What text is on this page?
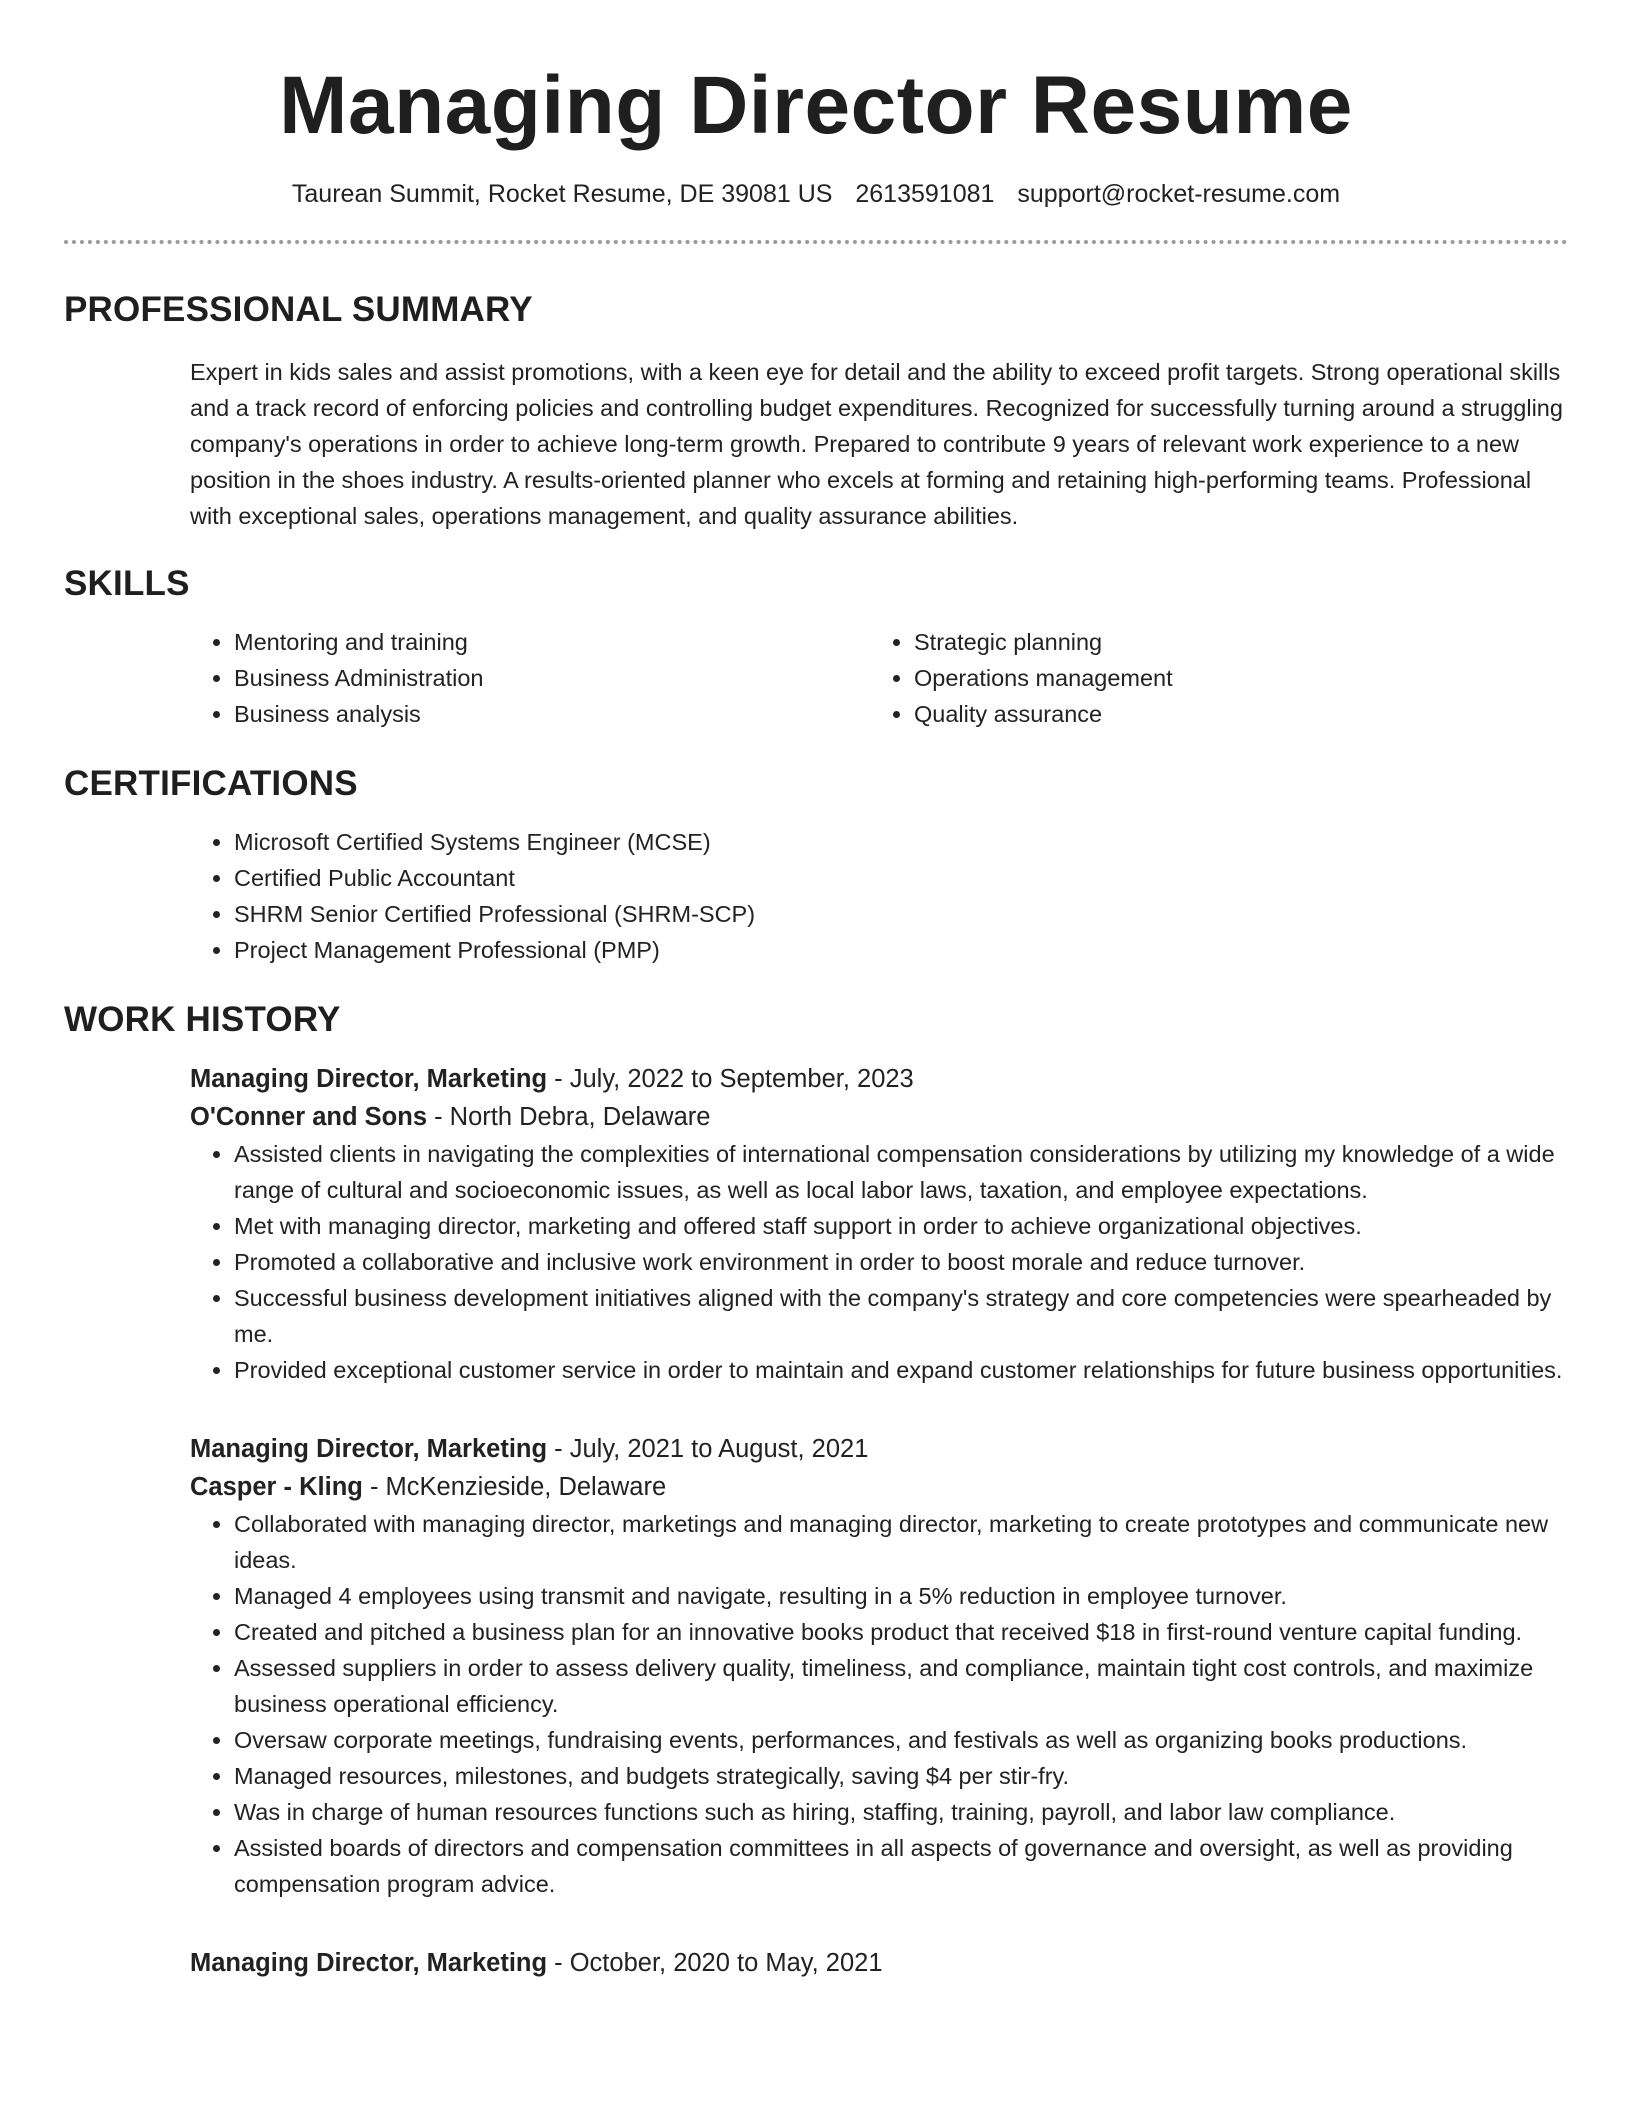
Managing Director Resume
Taurean Summit, Rocket Resume, DE 39081 US 2613591081 support@rocket-resume.com
PROFESSIONAL SUMMARY

Expert in kids sales and assist promotions, with a keen eye for detail and the ability to exceed profit targets. Strong operational skills and a track record of enforcing policies and controlling budget expenditures. Recognized for successfully turning around a struggling company's operations in order to achieve long-term growth. Prepared to contribute 9 years of relevant work experience to a new position in the shoes industry. A results-oriented planner who excels at forming and retaining high-performing teams. Professional with exceptional sales, operations management, and quality assurance abilities.

SKILLS
• Mentoring and training
• Business Administration
• Business analysis
• Strategic planning
• Operations management
• Quality assurance
CERTIFICATIONS
• Microsoft Certified Systems Engineer (MCSE)
• Certified Public Accountant
• SHRM Senior Certified Professional (SHRM-SCP)
• Project Management Professional (PMP)
WORK HISTORY
Managing Director, Marketing - July, 2022 to September, 2023
O'Conner and Sons - North Debra, Delaware
• Assisted clients in navigating the complexities of international compensation considerations by utilizing my knowledge of a wide range of cultural and socioeconomic issues, as well as local labor laws, taxation, and employee expectations.
• Met with managing director, marketing and offered staff support in order to achieve organizational objectives.
• Promoted a collaborative and inclusive work environment in order to boost morale and reduce turnover.
• Successful business development initiatives aligned with the company's strategy and core competencies were spearheaded by me.
• Provided exceptional customer service in order to maintain and expand customer relationships for future business opportunities.
Managing Director, Marketing - July, 2021 to August, 2021
Casper - Kling - McKenzieside, Delaware
• Collaborated with managing director, marketings and managing director, marketing to create prototypes and communicate new ideas.
• Managed 4 employees using transmit and navigate, resulting in a 5% reduction in employee turnover.
• Created and pitched a business plan for an innovative books product that received $18 in first-round venture capital funding.
• Assessed suppliers in order to assess delivery quality, timeliness, and compliance, maintain tight cost controls, and maximize business operational efficiency.
• Oversaw corporate meetings, fundraising events, performances, and festivals as well as organizing books productions.
• Managed resources, milestones, and budgets strategically, saving $4 per stir-fry.
• Was in charge of human resources functions such as hiring, staffing, training, payroll, and labor law compliance.
• Assisted boards of directors and compensation committees in all aspects of governance and oversight, as well as providing compensation program advice.
Managing Director, Marketing - October, 2020 to May, 2021
